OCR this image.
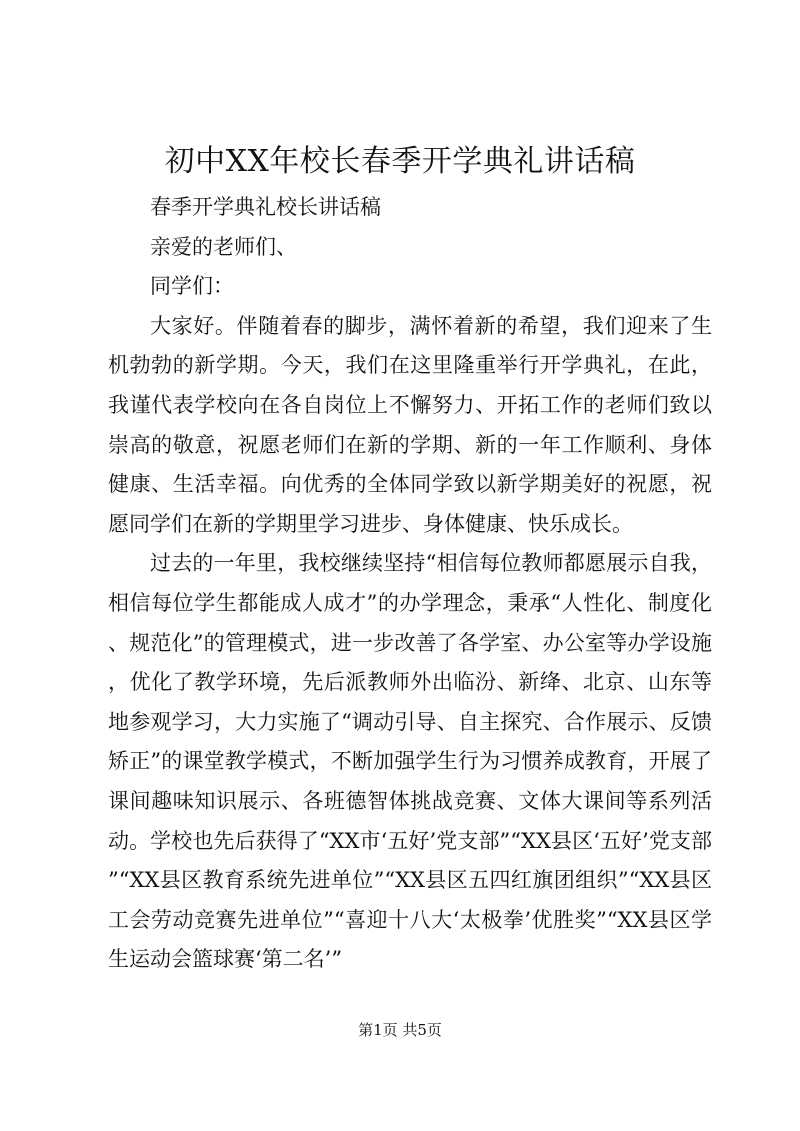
初中XX年校长春季开学典礼讲话稿

春季开学典礼校长讲话稿

亲爱的老师们、

同学们：

大家好。伴随着春的脚步，满怀着新的希望，我们迎来了生机勃勃的新学期。今天，我们在这里隆重举行开学典礼，在此，我谨代表学校向在各自岗位上不懈努力、开拓工作的老师们致以崇高的敬意，祝愿老师们在新的学期、新的一年工作顺利、身体健康、生活幸福。向优秀的全体同学致以新学期美好的祝愿，祝愿同学们在新的学期里学习进步、身体健康、快乐成长。

过去的一年里，我校继续坚持“相信每位教师都愿展示自我，相信每位学生都能成人成才”的办学理念，秉承“人性化、制度化、规范化”的管理模式，进一步改善了各学室、办公室等办学设施，优化了教学环境，先后派教师外出临汾、新绛、北京、山东等地参观学习，大力实施了“调动引导、自主探究、合作展示、反馈矫正”的课堂教学模式，不断加强学生行为习惯养成教育，开展了课间趣味知识展示、各班德智体挑战竞赛、文体大课间等系列活动。学校也先后获得了“XX市‘五好’党支部”“XX县区‘五好’党支部”“XX县区教育系统先进单位”“XX县区五四红旗团组织”“XX县区工会劳动竞赛先进单位”“喜迎十八大‘太极拳’优胜奖”“XX县区学生运动会篮球赛‘第二名’”

第1页 共5页
